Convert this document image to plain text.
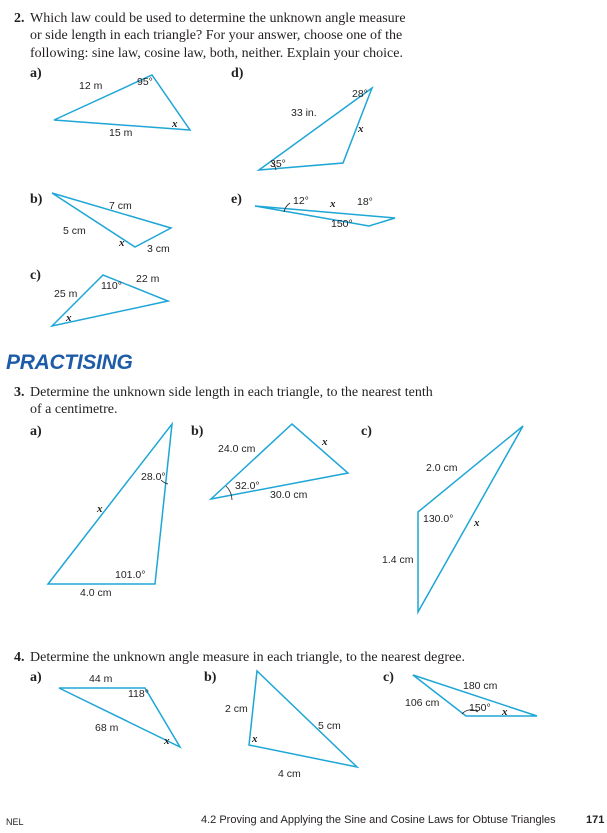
2. Which law could be used to determine the unknown angle measure
or side length in each triangle? For your answer, choose one of the
following: sine law, cosine law, both, neither. Explain your choice.
a)
12 m	95°
15 m
x
d)
33 in.
28°
x
35°
b)	7 cm
5 cm
x 3 cm
e)	12° x 18°
150°
c)
110°
22 m
25 m
x
PRACTISING
3. Determine the unknown side length in each triangle, to the nearest tenth
of a centimetre.
a)
28.0°
x
101.0°
4.0 cm
b)
24.0 cm
x
32.0°
30.0 cm
c)
2.0 cm
130.0° x
1.4 cm
4. Determine the unknown angle measure in each triangle, to the nearest degree.
a)	44 m
118°
68 m
x
b)
2 cm
5 cm
x
4 cm
c)
180 cm
106 cm	150° x
NEL	4.2 Proving and Applying the Sine and Cosine Laws for Obtuse Triangles	171
